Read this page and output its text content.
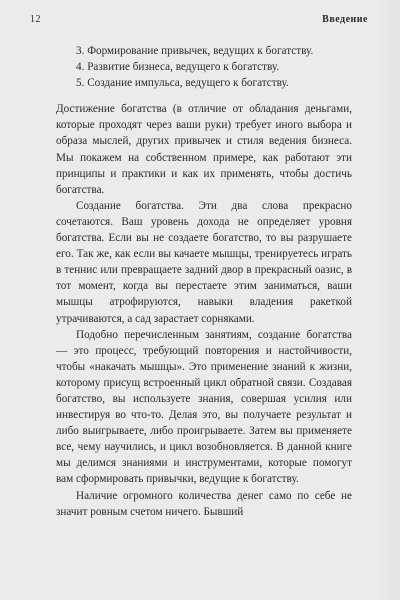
12	Введение

3. Формирование привычек, ведущих к богатству.

4. Развитие бизнеса, ведущего к богатству.

5. Создание импульса, ведущего к богатству.

Достижение богатства (в отличие от обладания деньгами, которые проходят через ваши руки) требует иного выбора и образа мыслей, других привычек и стиля ведения бизнеса. Мы покажем на собственном примере, как работают эти принципы и практики и как их применять, чтобы достичь богатства.

Создание богатства. Эти два слова прекрасно сочетаются. Ваш уровень дохода не определяет уровня богатства. Если вы не создаете богатство, то вы разрушаете его. Так же, как если вы качаете мышцы, тренируетесь играть в теннис или превращаете задний двор в прекрасный оазис, в тот момент, когда вы перестаете этим заниматься, ваши мышцы атрофируются, навыки владения ракеткой утрачиваются, а сад зарастает сорняками.

Подобно перечисленным занятиям, создание богатства — это процесс, требующий повторения и настойчивости, чтобы «накачать мышцы». Это применение знаний к жизни, которому присущ встроенный цикл обратной связи. Создавая богатство, вы используете знания, совершая усилия или инвестируя во что-то. Делая это, вы получаете результат и либо выигрываете, либо проигрываете. Затем вы применяете все, чему научились, и цикл возобновляется. В данной книге мы делимся знаниями и инструментами, которые помогут вам сформировать привычки, ведущие к богатству.

Наличие огромного количества денег само по себе не значит ровным счетом ничего. Бывший
